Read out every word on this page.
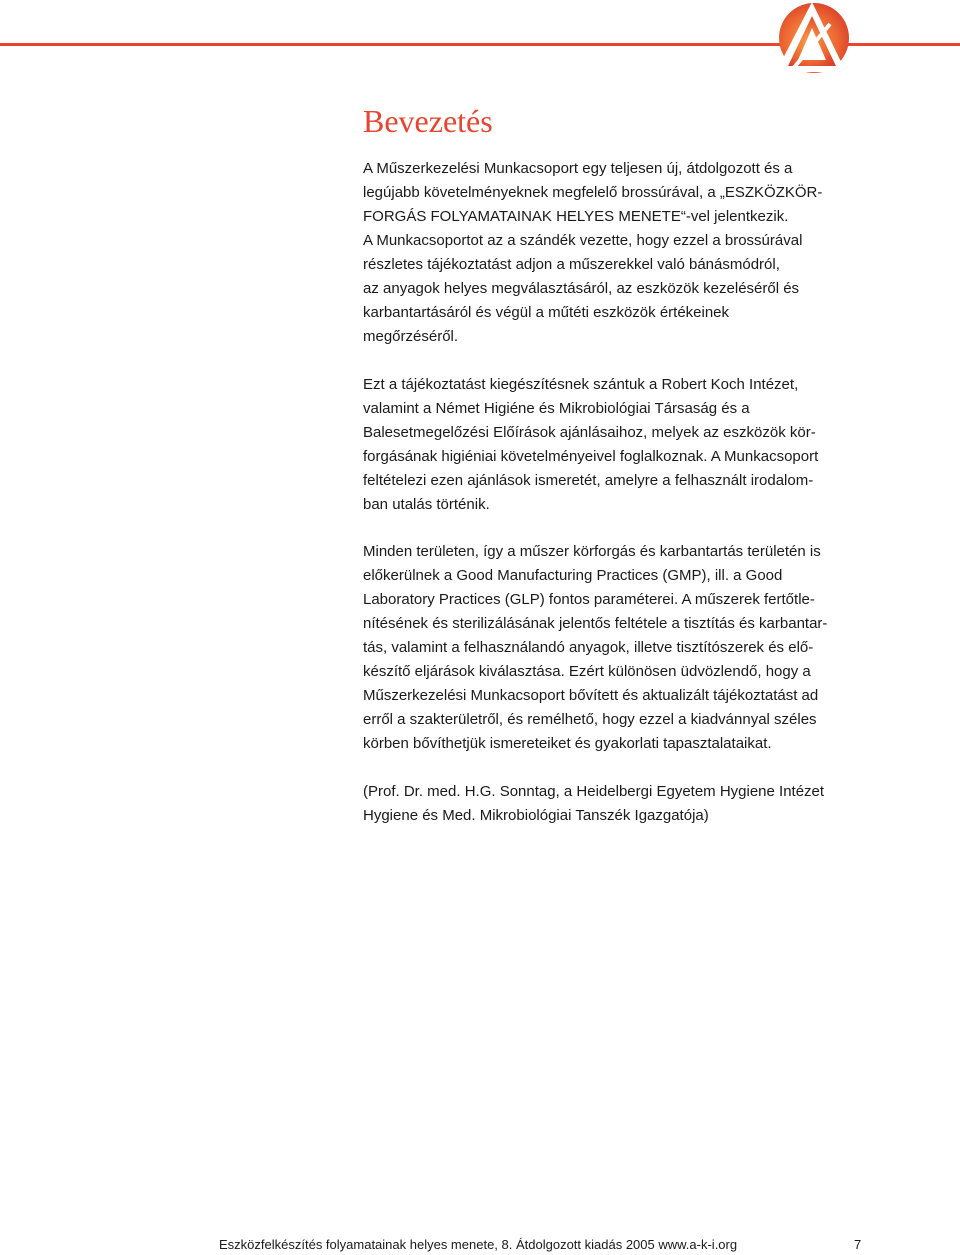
Bevezetés
A Műszerkezelési Munkacsoport egy teljesen új, átdolgozott és a
legújabb követelményeknek megfelelő brossúrával, a „ESZKÖZKÖR-
FORGÁS FOLYAMATAINAK HELYES MENETE“-vel jelentkezik.
A Munkacsoportot az a szándék vezette, hogy ezzel a brossúrával
részletes tájékoztatást adjon a műszerekkel való bánásmódról,
az anyagok helyes megválasztásáról, az eszközök kezeléséről és
karbantartásáról és végül a műtéti eszközök értékeinek
megőrzéséről.
Ezt a tájékoztatást kiegészítésnek szántuk a Robert Koch Intézet,
valamint a Német Higiéne és Mikrobiológiai Társaság és a
Balesetmegelőzési Előírások ajánlásaihoz, melyek az eszközök kör-
forgásának higiéniai követelményeivel foglalkoznak. A Munkacsoport
feltételezi ezen ajánlások ismeretét, amelyre a felhasznált irodalom-
ban utalás történik.
Minden területen, így a műszer körforgás és karbantartás területén is
előkerülnek a Good Manufacturing Practices (GMP), ill. a Good
Laboratory Practices (GLP) fontos paraméterei. A műszerek fertőtle-
nítésének és sterilizálásának jelentős feltétele a tisztítás és karbantar-
tás, valamint a felhasználandó anyagok, illetve tisztítószerek és elő-
készítő eljárások kiválasztása. Ezért különösen üdvözlendő, hogy a
Műszerkezelési Munkacsoport bővített és aktualizált tájékoztatást ad
erről a szakterületről, és remélhető, hogy ezzel a kiadvánnyal széles
körben bővíthetjük ismereteiket és gyakorlati tapasztalataikat.
(Prof. Dr. med. H.G. Sonntag, a Heidelbergi Egyetem Hygiene Intézet
Hygiene és Med. Mikrobiológiai Tanszék Igazgatója)
Eszközfelkészítés folyamatainak helyes menete, 8. Átdolgozott kiadás 2005 www.a-k-i.org	7
